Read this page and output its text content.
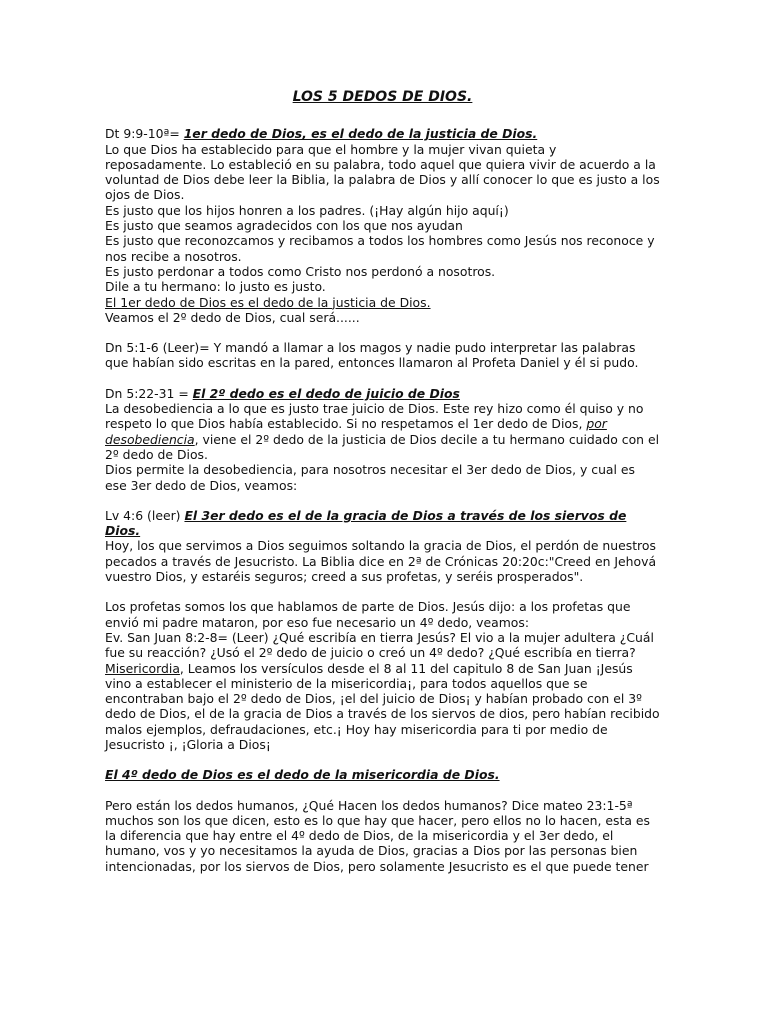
LOS 5 DEDOS DE DIOS.

Dt 9:9-10ª= 1er dedo de Dios, es el dedo de la justicia de Dios.

Lo que Dios ha establecido para que el hombre y la mujer vivan quieta y reposadamente. Lo estableció en su palabra, todo aquel que quiera vivir de acuerdo a la voluntad de Dios debe leer la Biblia, la palabra de Dios y allí conocer lo que es justo a los ojos de Dios.

Es justo que los hijos honren a los padres. (¡Hay algún hijo aquí¡)

Es justo que seamos agradecidos con los que nos ayudan

Es justo que reconozcamos y recibamos a todos los hombres como Jesús nos reconoce y nos recibe a nosotros.

Es justo perdonar a todos como Cristo nos perdonó a nosotros.

Dile a tu hermano: lo justo es justo.

El 1er dedo de Dios es el dedo de la justicia de Dios.

Veamos el 2º dedo de Dios, cual será......

Dn 5:1-6 (Leer)= Y mandó a llamar a los magos y nadie pudo interpretar las palabras que habían sido escritas en la pared, entonces llamaron al Profeta Daniel y él si pudo.

Dn 5:22-31 = El 2º dedo es el dedo de juicio de Dios

La desobediencia a lo que es justo trae juicio de Dios. Este rey hizo como él quiso y no respeto lo que Dios había establecido. Si no respetamos el 1er dedo de Dios, por desobediencia, viene el 2º dedo de la justicia de Dios decile a tu hermano cuidado con el 2º dedo de Dios.

Dios permite la desobediencia, para nosotros necesitar el 3er dedo de Dios, y cual es ese 3er dedo de Dios, veamos:

Lv 4:6 (leer) El 3er dedo es el de la gracia de Dios a través de los siervos de Dios.

Hoy, los que servimos a Dios seguimos soltando la gracia de Dios, el perdón de nuestros pecados a través de Jesucristo. La Biblia dice en 2ª de Crónicas 20:20c:"Creed en Jehová vuestro Dios, y estaréis seguros; creed a sus profetas, y seréis prosperados".

Los profetas somos los que hablamos de parte de Dios. Jesús dijo: a los profetas que envió mi padre mataron, por eso fue necesario un 4º dedo, veamos:

Ev. San Juan 8:2-8= (Leer) ¿Qué escribía en tierra Jesús? El vio a la mujer adultera ¿Cuál fue su reacción? ¿Usó el 2º dedo de juicio o creó un 4º dedo? ¿Qué escribía en tierra? Misericordia, Leamos los versículos desde el 8 al 11 del capitulo 8 de San Juan ¡Jesús vino a establecer el ministerio de la misericordia¡, para todos aquellos que se encontraban bajo el 2º dedo de Dios, ¡el del juicio de Dios¡ y habían probado con el 3º dedo de Dios, el de la gracia de Dios a través de los siervos de dios, pero habían recibido malos ejemplos, defraudaciones, etc.¡ Hoy hay misericordia para ti por medio de Jesucristo ¡, ¡Gloria a Dios¡

El 4º dedo de Dios es el dedo de la misericordia de Dios.

Pero están los dedos humanos, ¿Qué Hacen los dedos humanos? Dice mateo 23:1-5ª muchos son los que dicen, esto es lo que hay que hacer, pero ellos no lo hacen, esta es la diferencia que hay entre el 4º dedo de Dios, de la misericordia y el 3er dedo, el humano, vos y yo necesitamos la ayuda de Dios, gracias a Dios por las personas bien intencionadas, por los siervos de Dios, pero solamente Jesucristo es el que puede tener
